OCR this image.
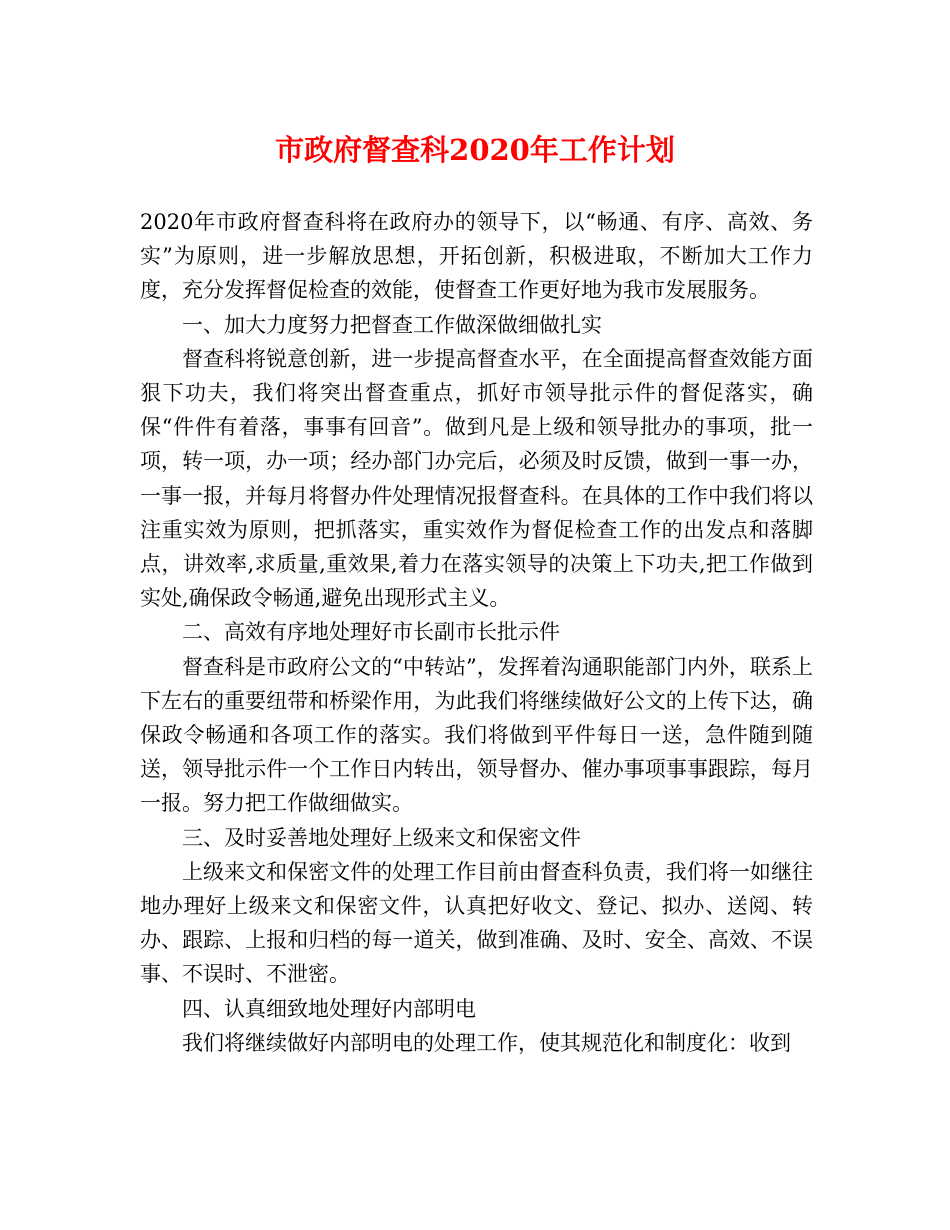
市政府督查科2020年工作计划

2020年市政府督查科将在政府办的领导下，以“畅通、有序、高效、务实”为原则，进一步解放思想，开拓创新，积极进取，不断加大工作力度，充分发挥督促检查的效能，使督查工作更好地为我市发展服务。

一、加大力度努力把督查工作做深做细做扎实

督查科将锐意创新，进一步提高督查水平，在全面提高督查效能方面狠下功夫，我们将突出督查重点，抓好市领导批示件的督促落实，确保“件件有着落，事事有回音”。做到凡是上级和领导批办的事项，批一项，转一项，办一项；经办部门办完后，必须及时反馈，做到一事一办，一事一报，并每月将督办件处理情况报督查科。在具体的工作中我们将以注重实效为原则，把抓落实，重实效作为督促检查工作的出发点和落脚点，讲效率,求质量,重效果,着力在落实领导的决策上下功夫,把工作做到实处,确保政令畅通,避免出现形式主义。

二、高效有序地处理好市长副市长批示件

督查科是市政府公文的“中转站”，发挥着沟通职能部门内外，联系上下左右的重要纽带和桥梁作用，为此我们将继续做好公文的上传下达，确保政令畅通和各项工作的落实。我们将做到平件每日一送，急件随到随送，领导批示件一个工作日内转出，领导督办、催办事项事事跟踪，每月一报。努力把工作做细做实。

三、及时妥善地处理好上级来文和保密文件

上级来文和保密文件的处理工作目前由督查科负责，我们将一如继往地办理好上级来文和保密文件，认真把好收文、登记、拟办、送阅、转办、跟踪、上报和归档的每一道关，做到准确、及时、安全、高效、不误事、不误时、不泄密。

四、认真细致地处理好内部明电

我们将继续做好内部明电的处理工作，使其规范化和制度化：收到
